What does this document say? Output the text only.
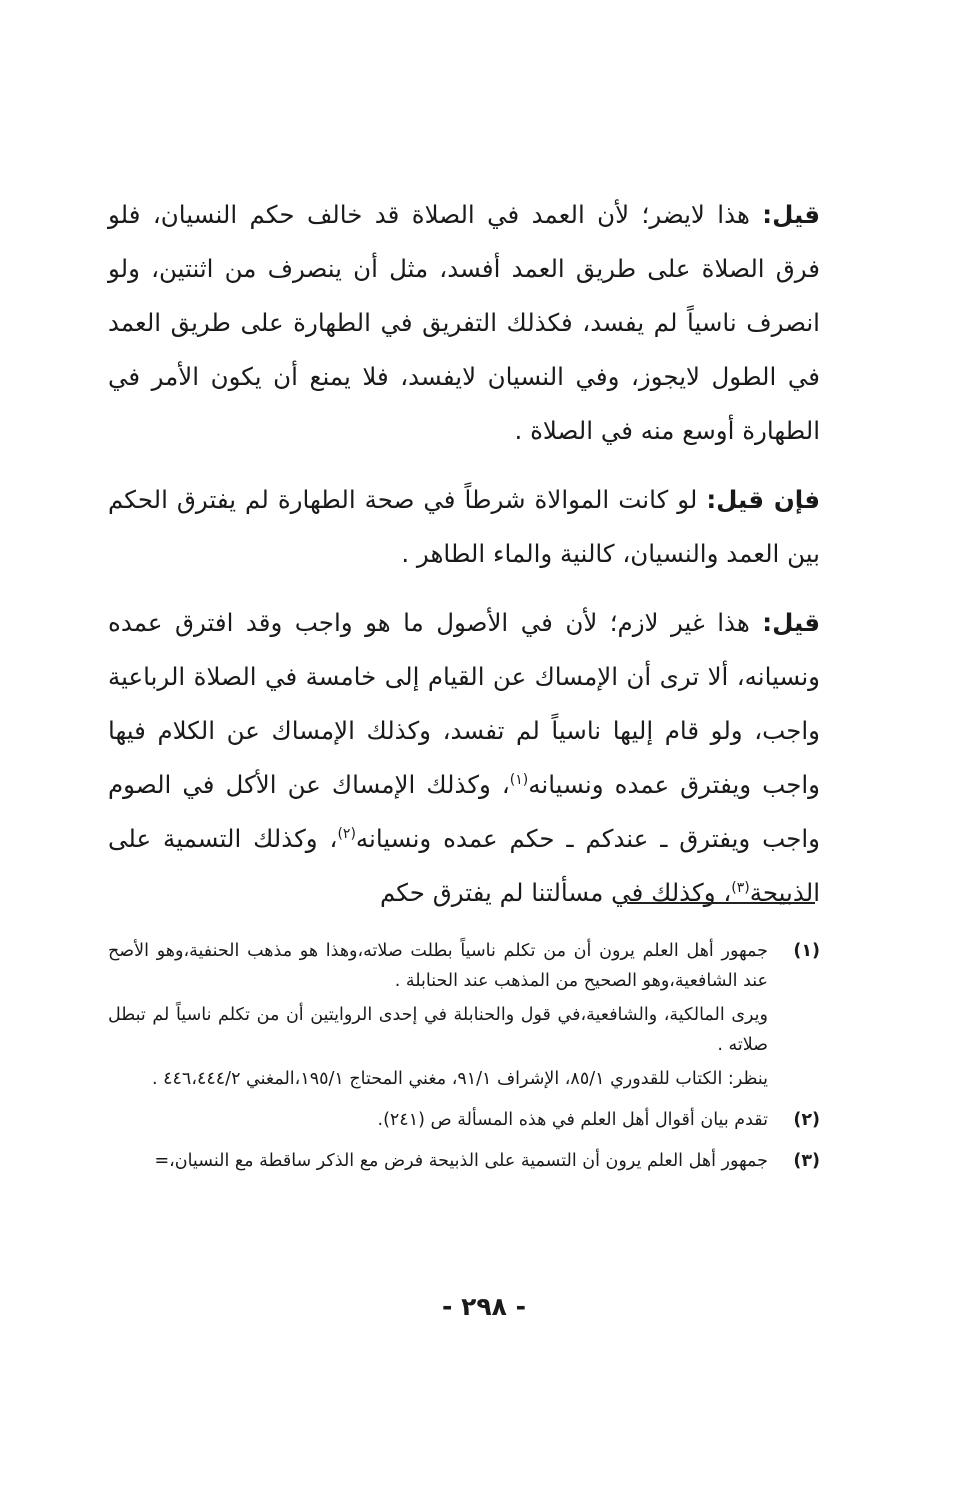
قيل: هذا لايضر؛ لأن العمد في الصلاة قد خالف حكم النسيان، فلو فرق الصلاة على طريق العمد أفسد، مثل أن ينصرف من اثنتين، ولو انصرف ناسياً لم يفسد، فكذلك التفريق في الطهارة على طريق العمد في الطول لايجوز، وفي النسيان لايفسد، فلا يمنع أن يكون الأمر في الطهارة أوسع منه في الصلاة .

فإن قيل: لو كانت الموالاة شرطاً في صحة الطهارة لم يفترق الحكم بين العمد والنسيان، كالنية والماء الطاهر .

قيل: هذا غير لازم؛ لأن في الأصول ما هو واجب وقد افترق عمده ونسيانه، ألا ترى أن الإمساك عن القيام إلى خامسة في الصلاة الرباعية واجب، ولو قام إليها ناسياً لم تفسد، وكذلك الإمساك عن الكلام فيها واجب ويفترق عمده ونسيانه$^{(١)}$، وكذلك الإمساك عن الأكل في الصوم واجب ويفترق ـ عندكم ـ حكم عمده ونسيانه$^{(٢)}$، وكذلك التسمية على الذبيحة$^{(٣)}$، وكذلك في مسألتنا لم يفترق حكم

(١)

جمهور أهل العلم يرون أن من تكلم ناسياً بطلت صلاته،وهذا هو مذهب الحنفية،وهو الأصح عند الشافعية،وهو الصحيح من المذهب عند الحنابلة .

ويرى المالكية، والشافعية،في قول والحنابلة في إحدى الروايتين أن من تكلم ناسياً لم تبطل صلاته .

ينظر: الكتاب للقدوري ٨٥/١، الإشراف ٩١/١، مغني المحتاج ١٩٥/١،المغني ٤٤٦،٤٤٤/٢ .

(٢)

تقدم بيان أقوال أهل العلم في هذه المسألة ص (٢٤١).

(٣)

جمهور أهل العلم يرون أن التسمية على الذبيحة فرض مع الذكر ساقطة مع النسيان،=

- ٢٩٨ -
